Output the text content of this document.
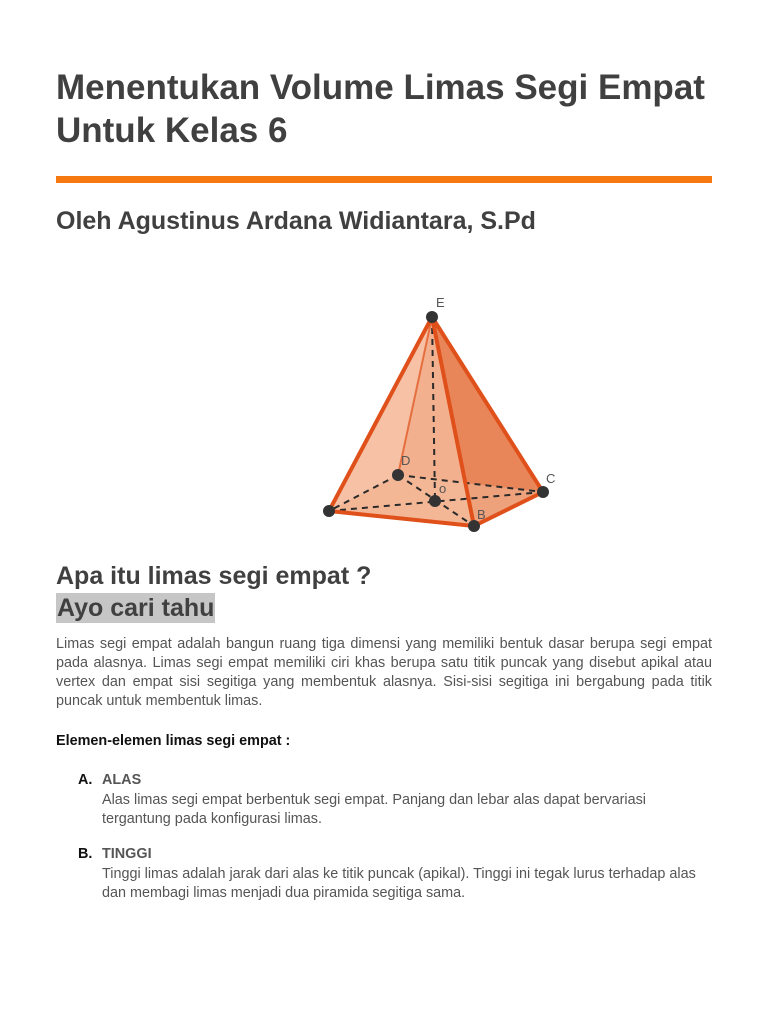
Menentukan Volume Limas Segi Empat Untuk Kelas 6
Oleh Agustinus Ardana Widiantara, S.Pd
E
D
C
B
o
Apa itu limas segi empat ?
Ayo cari tahu

Limas segi empat adalah bangun ruang tiga dimensi yang memiliki bentuk dasar berupa segi empat pada alasnya. Limas segi empat memiliki ciri khas berupa satu titik puncak yang disebut apikal atau vertex dan empat sisi segitiga yang membentuk alasnya. Sisi-sisi segitiga ini bergabung pada titik puncak untuk membentuk limas.

Elemen-elemen limas segi empat :

A. ALAS
Alas limas segi empat berbentuk segi empat. Panjang dan lebar alas dapat bervariasi tergantung pada konfigurasi limas.
B. TINGGI
Tinggi limas adalah jarak dari alas ke titik puncak (apikal). Tinggi ini tegak lurus terhadap alas dan membagi limas menjadi dua piramida segitiga sama.
